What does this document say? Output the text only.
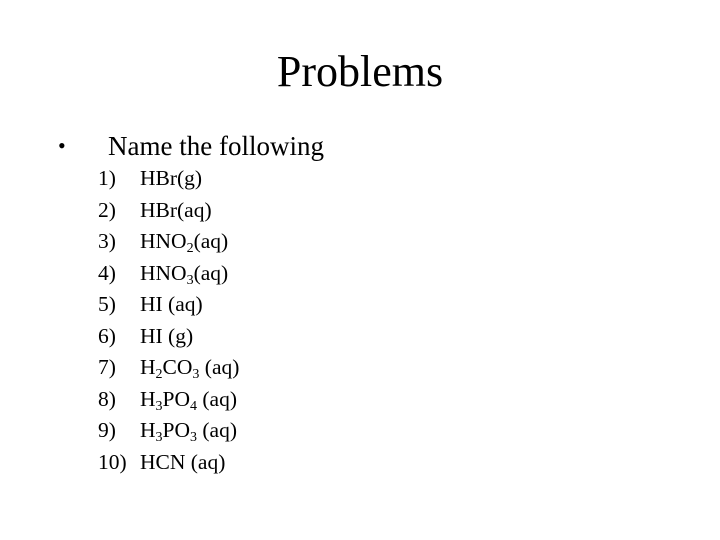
Problems
• Name the following
1) HBr(g)
2) HBr(aq)
3) $HNO_2(aq)$
4) $HNO_3(aq)$
5) HI (aq)
6) HI (g)
7) $H_2CO_3$ (aq)
8) $H_3PO_4$ (aq)
9) $H_3PO_3$ (aq)
10) HCN (aq)
